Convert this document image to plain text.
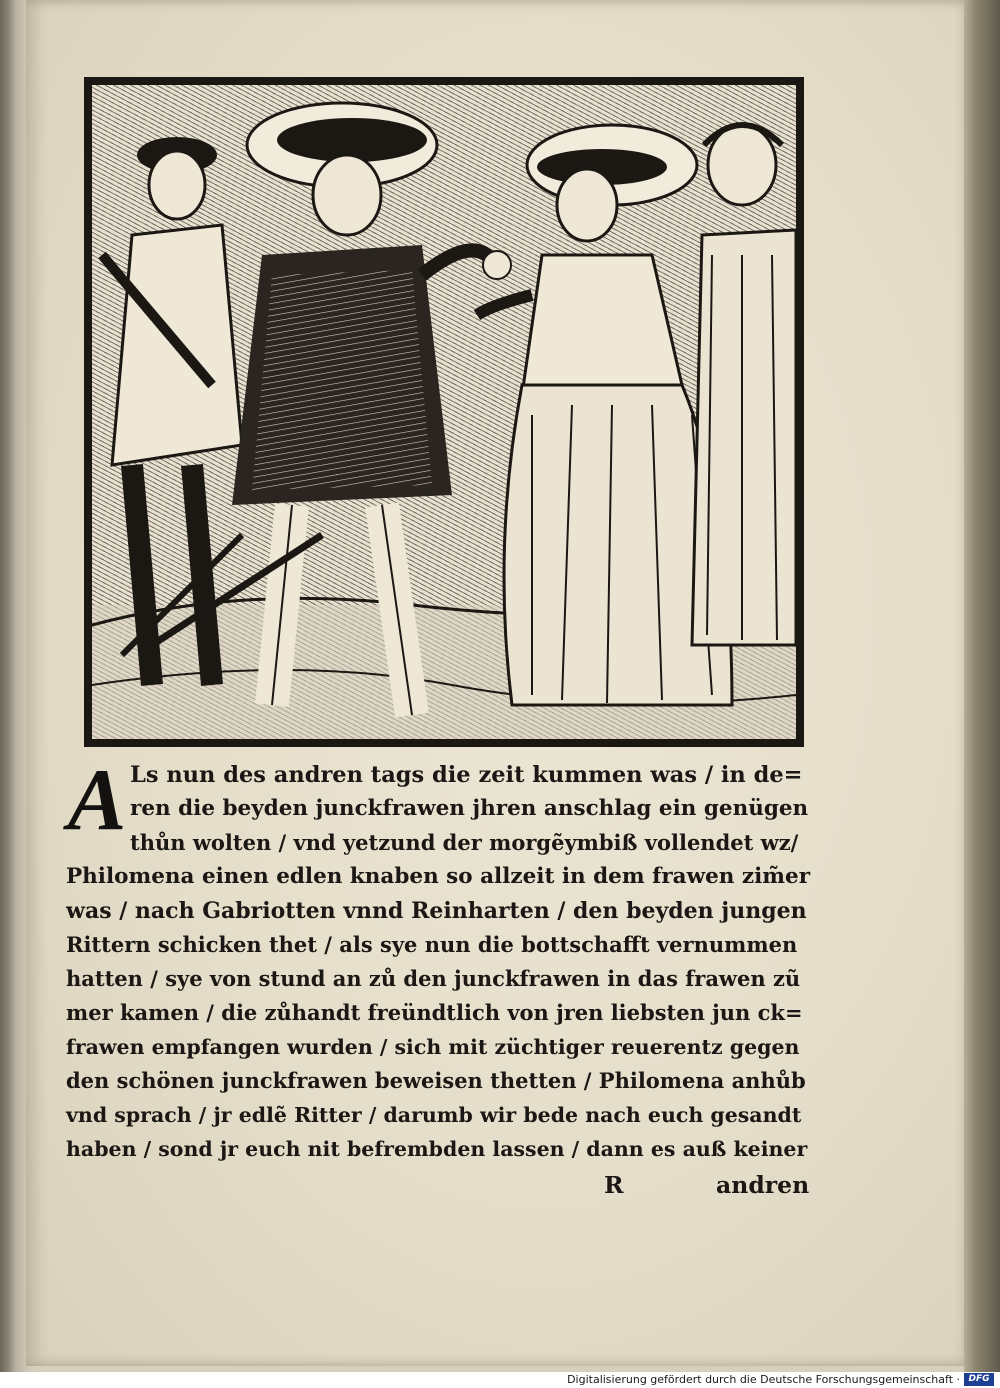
A Ls nun des andren tags die zeit kummen was / in de=
ren die beyden junckfrawen jhren anschlag ein genügen
thůn wolten / vnd yetzund der morgẽymbiß vollendet wz/
Philomena einen edlen knaben so allzeit in dem frawen zim̃er
was / nach Gabriotten vnnd Reinharten / den beyden jungen
Rittern schicken thet / als sye nun die bottschafft vernummen
hatten / sye von stund an zů den junckfrawen in das frawen zũ
mer kamen / die zůhandt freündtlich von jren liebsten jun ck=
frawen empfangen wurden / sich mit züchtiger reuerentz gegen
den schönen junckfrawen beweisen thetten / Philomena anhůb
vnd sprach / jr edlẽ Ritter / darumb wir bede nach euch gesandt
haben / sond jr euch nit befrembden lassen / dann es auß keiner
R	andren
Digitalisierung gefördert durch die Deutsche Forschungsgemeinschaft · DFG
